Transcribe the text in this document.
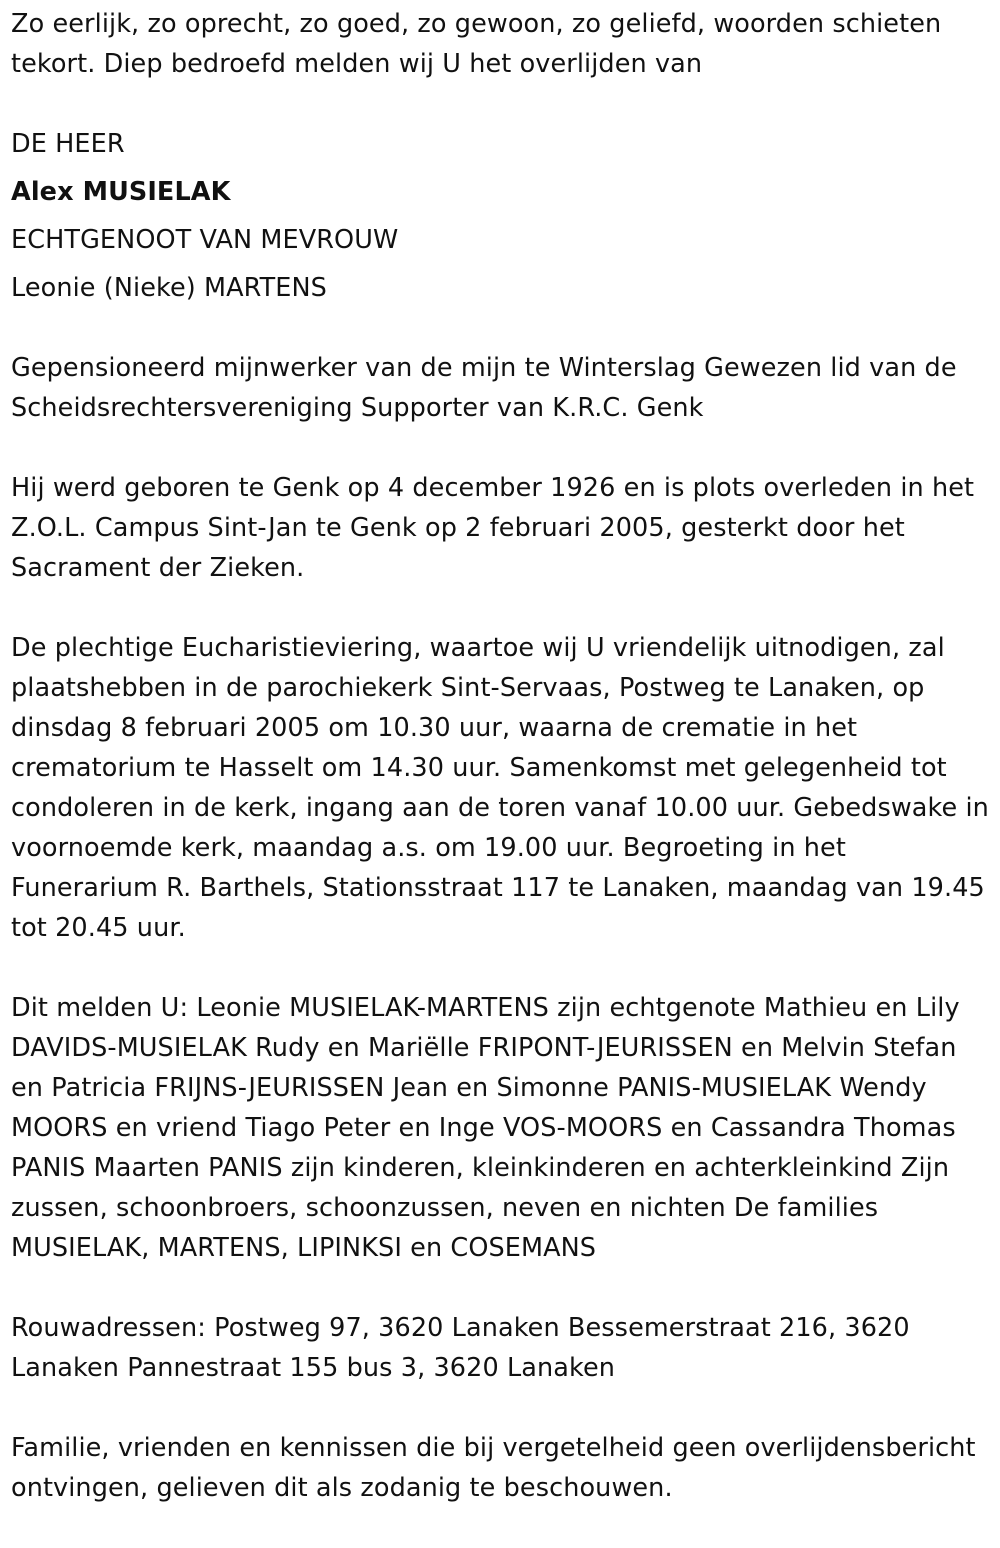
Zo eerlijk, zo oprecht, zo goed, zo gewoon, zo geliefd, woorden schieten tekort. Diep bedroefd melden wij U het overlijden van

DE HEER
Alex MUSIELAK
ECHTGENOOT VAN MEVROUW
Leonie (Nieke) MARTENS

Gepensioneerd mijnwerker van de mijn te Winterslag Gewezen lid van de Scheidsrechtersvereniging Supporter van K.R.C. Genk

Hij werd geboren te Genk op 4 december 1926 en is plots overleden in het Z.O.L. Campus Sint-Jan te Genk op 2 februari 2005, gesterkt door het Sacrament der Zieken.

De plechtige Eucharistieviering, waartoe wij U vriendelijk uitnodigen, zal plaatshebben in de parochiekerk Sint-Servaas, Postweg te Lanaken, op dinsdag 8 februari 2005 om 10.30 uur, waarna de crematie in het crematorium te Hasselt om 14.30 uur. Samenkomst met gelegenheid tot condoleren in de kerk, ingang aan de toren vanaf 10.00 uur. Gebedswake in voornoemde kerk, maandag a.s. om 19.00 uur. Begroeting in het Funerarium R. Barthels, Stationsstraat 117 te Lanaken, maandag van 19.45 tot 20.45 uur.

Dit melden U: Leonie MUSIELAK-MARTENS zijn echtgenote Mathieu en Lily DAVIDS-MUSIELAK Rudy en Mariëlle FRIPONT-JEURISSEN en Melvin Stefan en Patricia FRIJNS-JEURISSEN Jean en Simonne PANIS-MUSIELAK Wendy MOORS en vriend Tiago Peter en Inge VOS-MOORS en Cassandra Thomas PANIS Maarten PANIS zijn kinderen, kleinkinderen en achterkleinkind Zijn zussen, schoonbroers, schoonzussen, neven en nichten De families MUSIELAK, MARTENS, LIPINKSI en COSEMANS

Rouwadressen: Postweg 97, 3620 Lanaken Bessemerstraat 216, 3620 Lanaken Pannestraat 155 bus 3, 3620 Lanaken

Familie, vrienden en kennissen die bij vergetelheid geen overlijdensbericht ontvingen, gelieven dit als zodanig te beschouwen.
